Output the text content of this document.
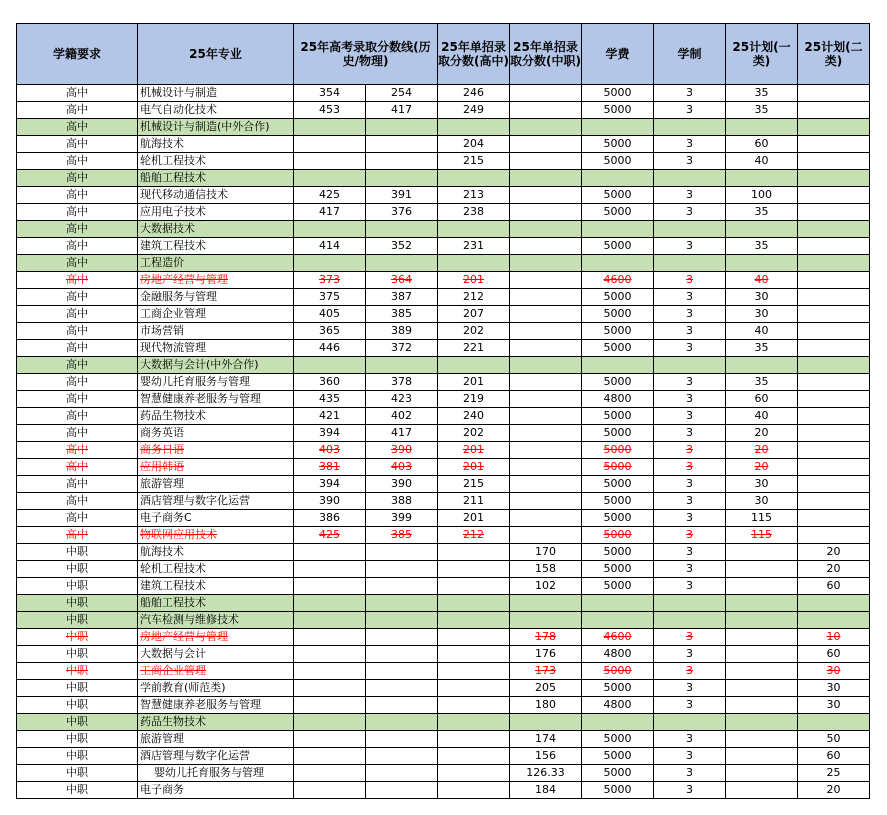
学籍要求	25年专业	25年高考录取分数线(历史/物理)		25年单招录取分数(高中)	25年单招录取分数(中职)	学费	学制	25计划(一类)	25计划(二类)
高中	机械设计与制造	354	254	246		5000	3	35	
高中	电气自动化技术	453	417	249		5000	3	35	
高中	机械设计与制造(中外合作)								
高中	航海技术			204		5000	3	60	
高中	轮机工程技术			215		5000	3	40	
高中	船舶工程技术								
高中	现代移动通信技术	425	391	213		5000	3	100	
高中	应用电子技术	417	376	238		5000	3	35	
高中	大数据技术								
高中	建筑工程技术	414	352	231		5000	3	35	
高中	工程造价								
高中	房地产经营与管理	373	364	201		4600	3	40	
高中	金融服务与管理	375	387	212		5000	3	30	
高中	工商企业管理	405	385	207		5000	3	30	
高中	市场营销	365	389	202		5000	3	40	
高中	现代物流管理	446	372	221		5000	3	35	
高中	大数据与会计(中外合作)								
高中	婴幼儿托育服务与管理	360	378	201		5000	3	35	
高中	智慧健康养老服务与管理	435	423	219		4800	3	60	
高中	药品生物技术	421	402	240		5000	3	40	
高中	商务英语	394	417	202		5000	3	20	
高中	商务日语	403	390	201		5000	3	20	
高中	应用韩语	381	403	201		5000	3	20	
高中	旅游管理	394	390	215		5000	3	30	
高中	酒店管理与数字化运营	390	388	211		5000	3	30	
高中	电子商务C	386	399	201		5000	3	115	
高中	物联网应用技术	425	385	212		5000	3	115	
中职	航海技术				170	5000	3		20
中职	轮机工程技术				158	5000	3		20
中职	建筑工程技术				102	5000	3		60
中职	船舶工程技术								
中职	汽车检测与维修技术								
中职	房地产经营与管理				178	4600	3		10
中职	大数据与会计				176	4800	3		60
中职	工商企业管理				173	5000	3		30
中职	学前教育(师范类)				205	5000	3		30
中职	智慧健康养老服务与管理				180	4800	3		30
中职	药品生物技术								
中职	旅游管理				174	5000	3		50
中职	酒店管理与数字化运营				156	5000	3		60
中职	婴幼儿托育服务与管理				126.33	5000	3		25
中职	电子商务				184	5000	3		20
